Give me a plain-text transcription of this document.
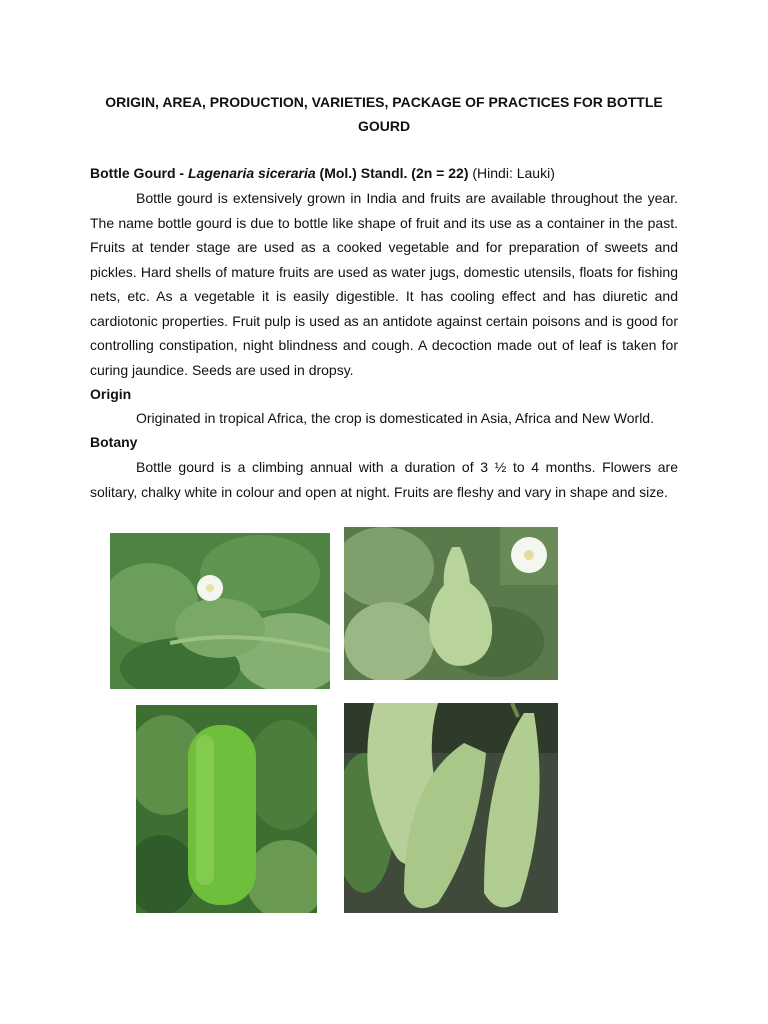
ORIGIN, AREA, PRODUCTION, VARIETIES, PACKAGE OF PRACTICES FOR BOTTLE GOURD
Bottle Gourd - Lagenaria siceraria (Mol.) Standl. (2n = 22) (Hindi: Lauki)
Bottle gourd is extensively grown in India and fruits are available throughout the year. The name bottle gourd is due to bottle like shape of fruit and its use as a container in the past. Fruits at tender stage are used as a cooked vegetable and for preparation of sweets and pickles. Hard shells of mature fruits are used as water jugs, domestic utensils, floats for fishing nets, etc. As a vegetable it is easily digestible. It has cooling effect and has diuretic and cardiotonic properties. Fruit pulp is used as an antidote against certain poisons and is good for controlling constipation, night blindness and cough. A decoction made out of leaf is taken for curing jaundice. Seeds are used in dropsy.
Origin
Originated in tropical Africa, the crop is domesticated in Asia, Africa and New World.
Botany
Bottle gourd is a climbing annual with a duration of 3 ½ to 4 months. Flowers are solitary, chalky white in colour and open at night. Fruits are fleshy and vary in shape and size.
